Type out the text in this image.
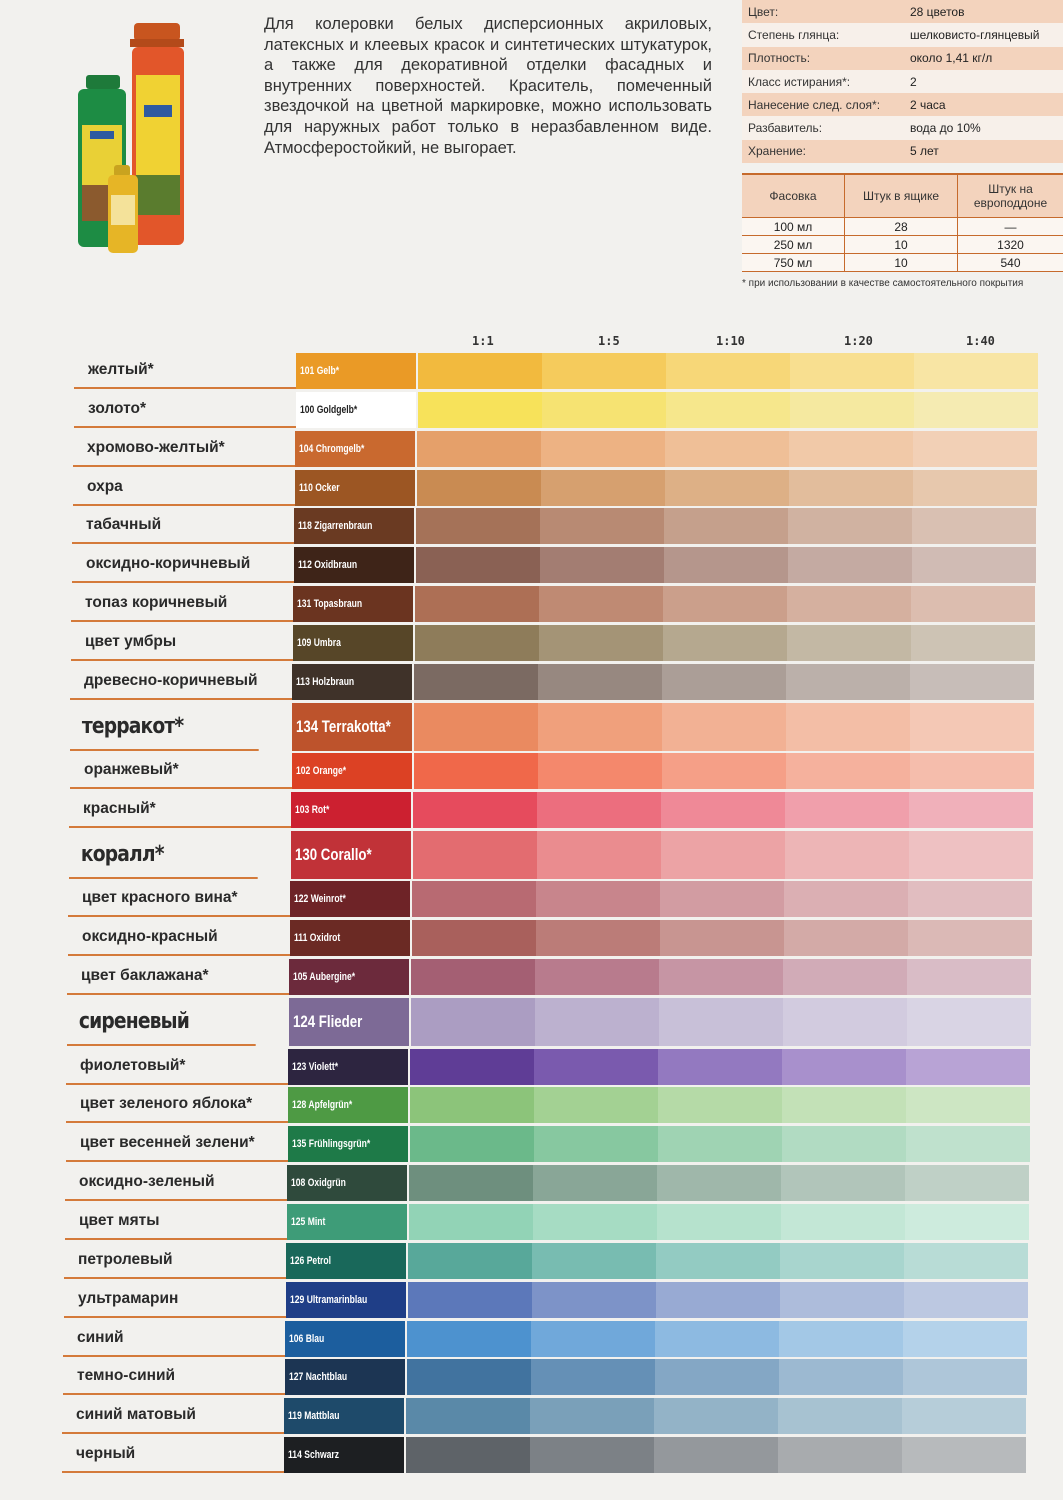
Для колеровки белых дисперсионных акриловых, латексных и клеевых красок и синтетических штукатурок, а также для декоративной отделки фасадных и внутренних поверхностей. Краситель, помеченный звездочкой на цветной маркировке, можно использовать для наружных работ только в неразбавленном виде. Атмосферостойкий, не выгорает.
Цвет:	28 цветов
Степень глянца:	шелковисто-глянцевый
Плотность:	около 1,41 кг/л
Класс истирания*:	2
Нанесение след. слоя*:	2 часа
Разбавитель:	вода до 10%
Хранение:	5 лет
Фасовка	Штук в ящике	Штук на европоддоне
100 мл	28	—
250 мл	10	1320
750 мл	10	540
* при использовании в качестве самостоятельного покрытия
1:1	1:5	1:10	1:20	1:40
желтый*	101 Gelb*
золото*	100 Goldgelb*
хромово-желтый*	104 Chromgelb*
охра	110 Ocker
табачный	118 Zigarrenbraun
оксидно-коричневый	112 Oxidbraun
топаз коричневый	131 Topasbraun
цвет умбры	109 Umbra
древесно-коричневый	113 Holzbraun
терракот*	134 Terrakotta*
оранжевый*	102 Orange*
красный*	103 Rot*
коралл*	130 Corallo*
цвет красного вина*	122 Weinrot*
оксидно-красный	111 Oxidrot
цвет баклажана*	105 Aubergine*
сиреневый	124 Flieder
фиолетовый*	123 Violett*
цвет зеленого яблока*	128 Apfelgrün*
цвет весенней зелени*	135 Frühlingsgrün*
оксидно-зеленый	108 Oxidgrün
цвет мяты	125 Mint
петролевый	126 Petrol
ультрамарин	129 Ultramarinblau
синий	106 Blau
темно-синий	127 Nachtblau
синий матовый	119 Mattblau
черный	114 Schwarz
